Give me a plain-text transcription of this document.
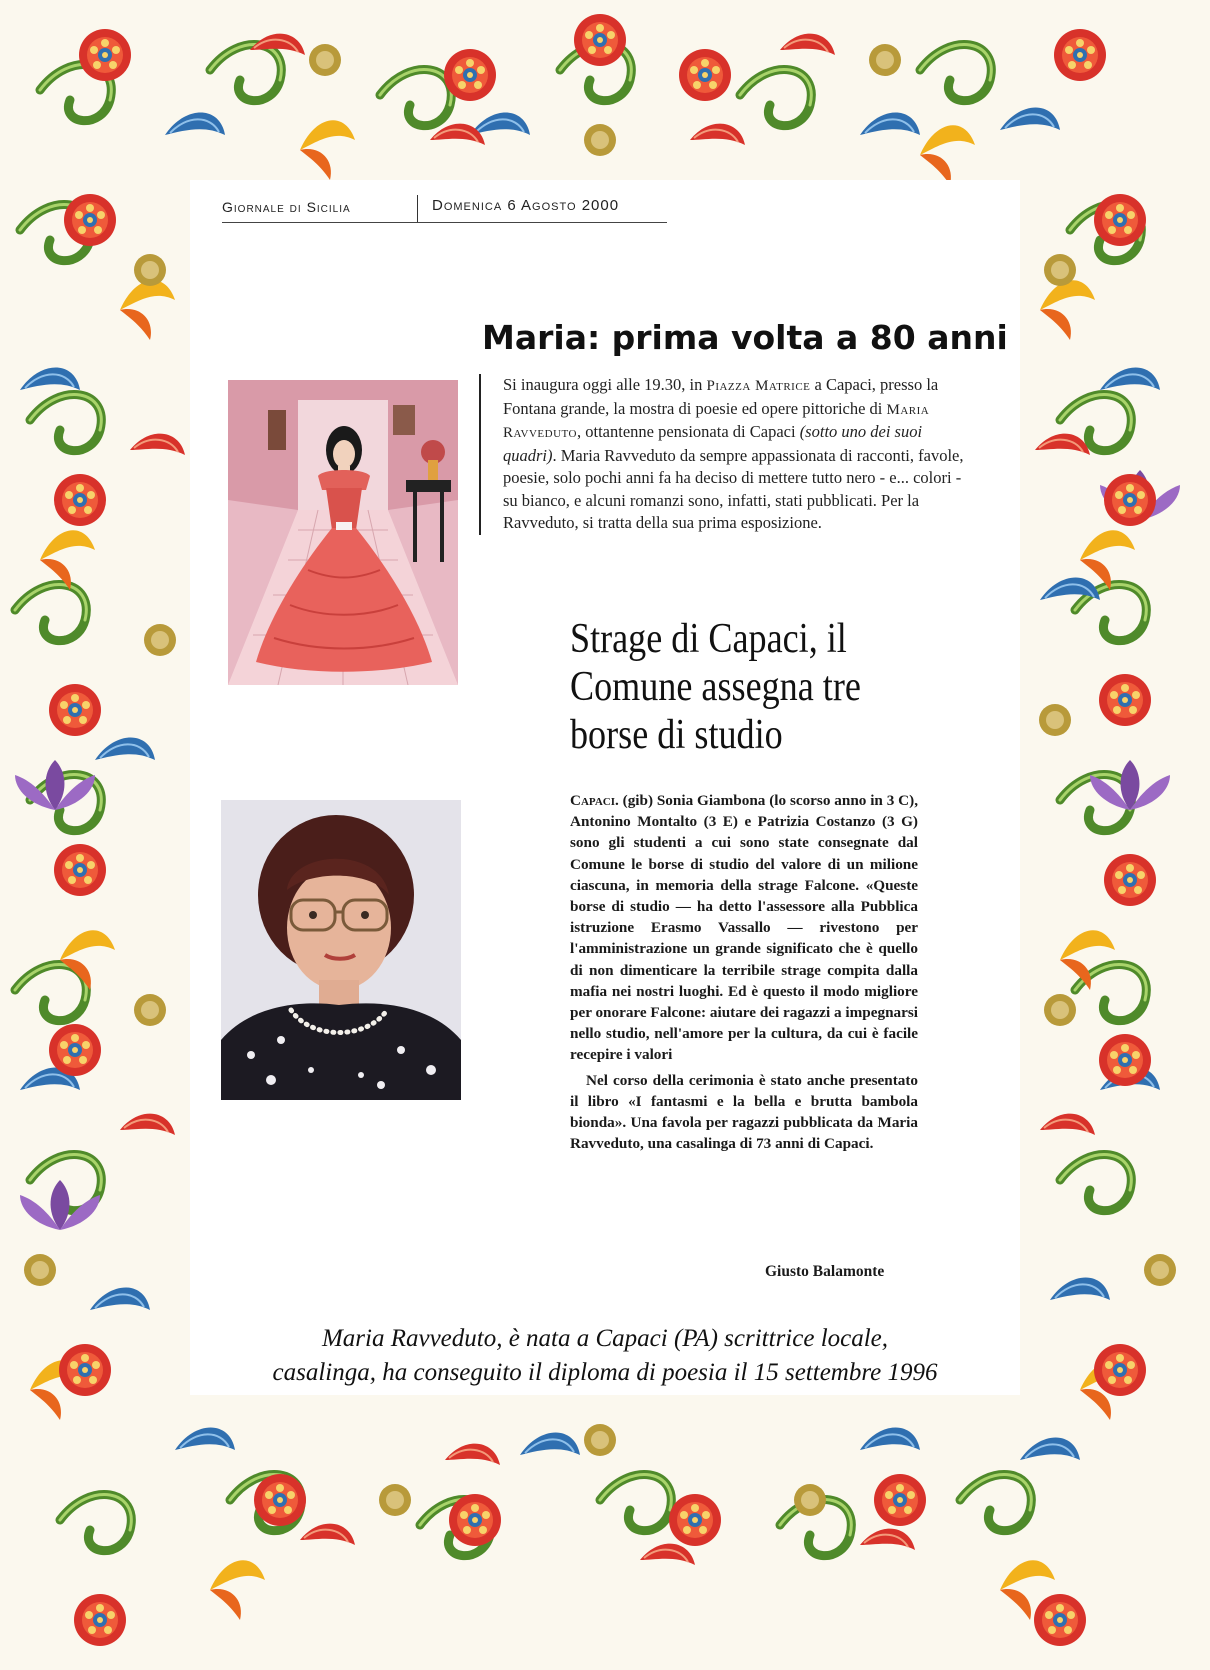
Giornale di Sicilia	Domenica 6 Agosto 2000
Maria: prima volta a 80 anni
Si inaugura oggi alle 19.30, in Piazza Matrice a Capaci, presso la Fontana grande, la mostra di poesie ed opere pittoriche di Maria Ravveduto, ottantenne pensionata di Capaci (sotto uno dei suoi quadri). Maria Ravveduto da sempre appassionata di racconti, favole, poesie, solo pochi anni fa ha deciso di mettere tutto nero - e... colori - su bianco, e alcuni romanzi sono, infatti, stati pubblicati. Per la Ravveduto, si tratta della sua prima esposizione.
Strage di Capaci, il Comune assegna tre borse di studio

Capaci. (gib) Sonia Giambona (lo scorso anno in 3 C), Antonino Montalto (3 E) e Patrizia Costanzo (3 G) sono gli studenti a cui sono state consegnate dal Comune le borse di studio del valore di un milione ciascuna, in memoria della strage Falcone. «Queste borse di studio — ha detto l'assessore alla Pubblica istruzione Erasmo Vassallo — rivestono per l'amministrazione un grande significato che è quello di non dimenticare la terribile strage compita dalla mafia nei nostri luoghi. Ed è questo il modo migliore per onorare Falcone: aiutare dei ragazzi a impegnarsi nello studio, nell'amore per la cultura, da cui è facile recepire i valori

Nel corso della cerimonia è stato anche presentato il libro «I fantasmi e la bella e brutta bambola bionda». Una favola per ragazzi pubblicata da Maria Ravveduto, una casalinga di 73 anni di Capaci.

Giusto Balamonte
Maria Ravveduto, è nata a Capaci (PA) scrittrice locale,
casalinga, ha conseguito il diploma di poesia il 15 settembre 1996
